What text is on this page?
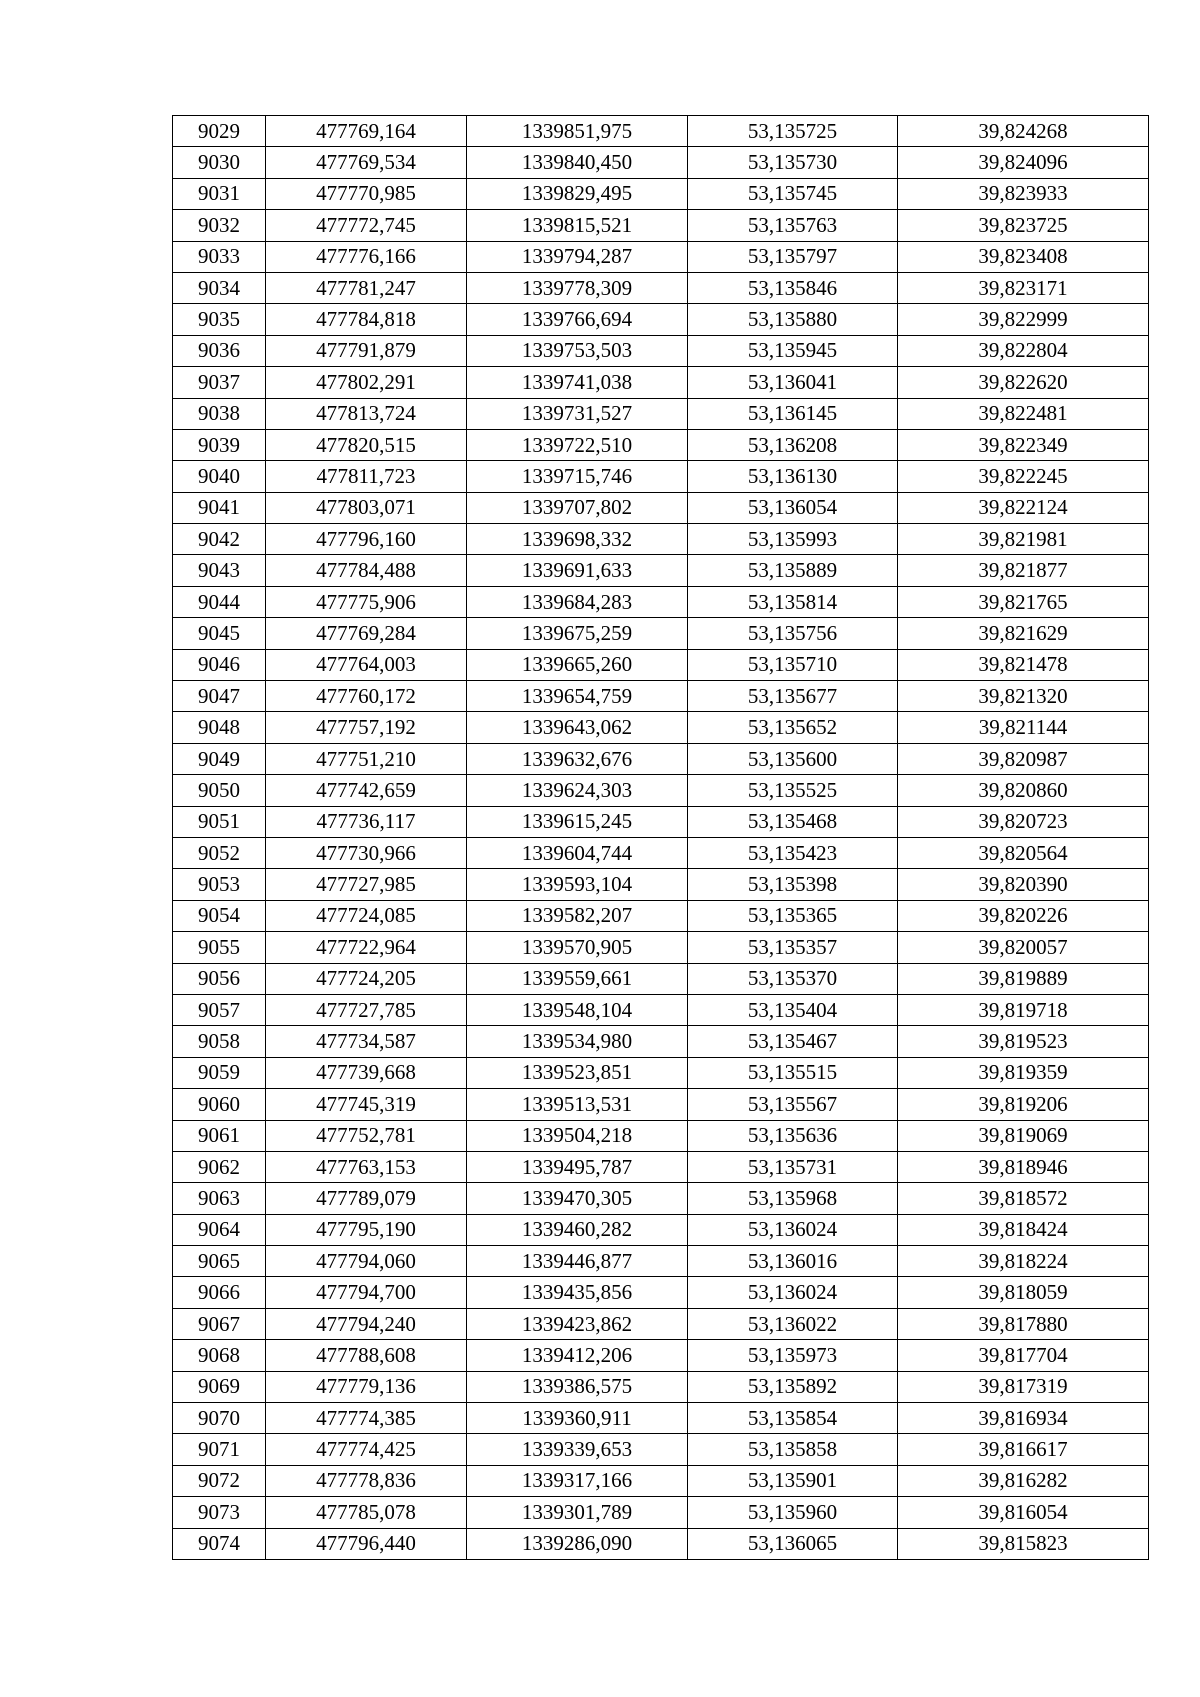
9029	477769,164	1339851,975	53,135725	39,824268
9030	477769,534	1339840,450	53,135730	39,824096
9031	477770,985	1339829,495	53,135745	39,823933
9032	477772,745	1339815,521	53,135763	39,823725
9033	477776,166	1339794,287	53,135797	39,823408
9034	477781,247	1339778,309	53,135846	39,823171
9035	477784,818	1339766,694	53,135880	39,822999
9036	477791,879	1339753,503	53,135945	39,822804
9037	477802,291	1339741,038	53,136041	39,822620
9038	477813,724	1339731,527	53,136145	39,822481
9039	477820,515	1339722,510	53,136208	39,822349
9040	477811,723	1339715,746	53,136130	39,822245
9041	477803,071	1339707,802	53,136054	39,822124
9042	477796,160	1339698,332	53,135993	39,821981
9043	477784,488	1339691,633	53,135889	39,821877
9044	477775,906	1339684,283	53,135814	39,821765
9045	477769,284	1339675,259	53,135756	39,821629
9046	477764,003	1339665,260	53,135710	39,821478
9047	477760,172	1339654,759	53,135677	39,821320
9048	477757,192	1339643,062	53,135652	39,821144
9049	477751,210	1339632,676	53,135600	39,820987
9050	477742,659	1339624,303	53,135525	39,820860
9051	477736,117	1339615,245	53,135468	39,820723
9052	477730,966	1339604,744	53,135423	39,820564
9053	477727,985	1339593,104	53,135398	39,820390
9054	477724,085	1339582,207	53,135365	39,820226
9055	477722,964	1339570,905	53,135357	39,820057
9056	477724,205	1339559,661	53,135370	39,819889
9057	477727,785	1339548,104	53,135404	39,819718
9058	477734,587	1339534,980	53,135467	39,819523
9059	477739,668	1339523,851	53,135515	39,819359
9060	477745,319	1339513,531	53,135567	39,819206
9061	477752,781	1339504,218	53,135636	39,819069
9062	477763,153	1339495,787	53,135731	39,818946
9063	477789,079	1339470,305	53,135968	39,818572
9064	477795,190	1339460,282	53,136024	39,818424
9065	477794,060	1339446,877	53,136016	39,818224
9066	477794,700	1339435,856	53,136024	39,818059
9067	477794,240	1339423,862	53,136022	39,817880
9068	477788,608	1339412,206	53,135973	39,817704
9069	477779,136	1339386,575	53,135892	39,817319
9070	477774,385	1339360,911	53,135854	39,816934
9071	477774,425	1339339,653	53,135858	39,816617
9072	477778,836	1339317,166	53,135901	39,816282
9073	477785,078	1339301,789	53,135960	39,816054
9074	477796,440	1339286,090	53,136065	39,815823
